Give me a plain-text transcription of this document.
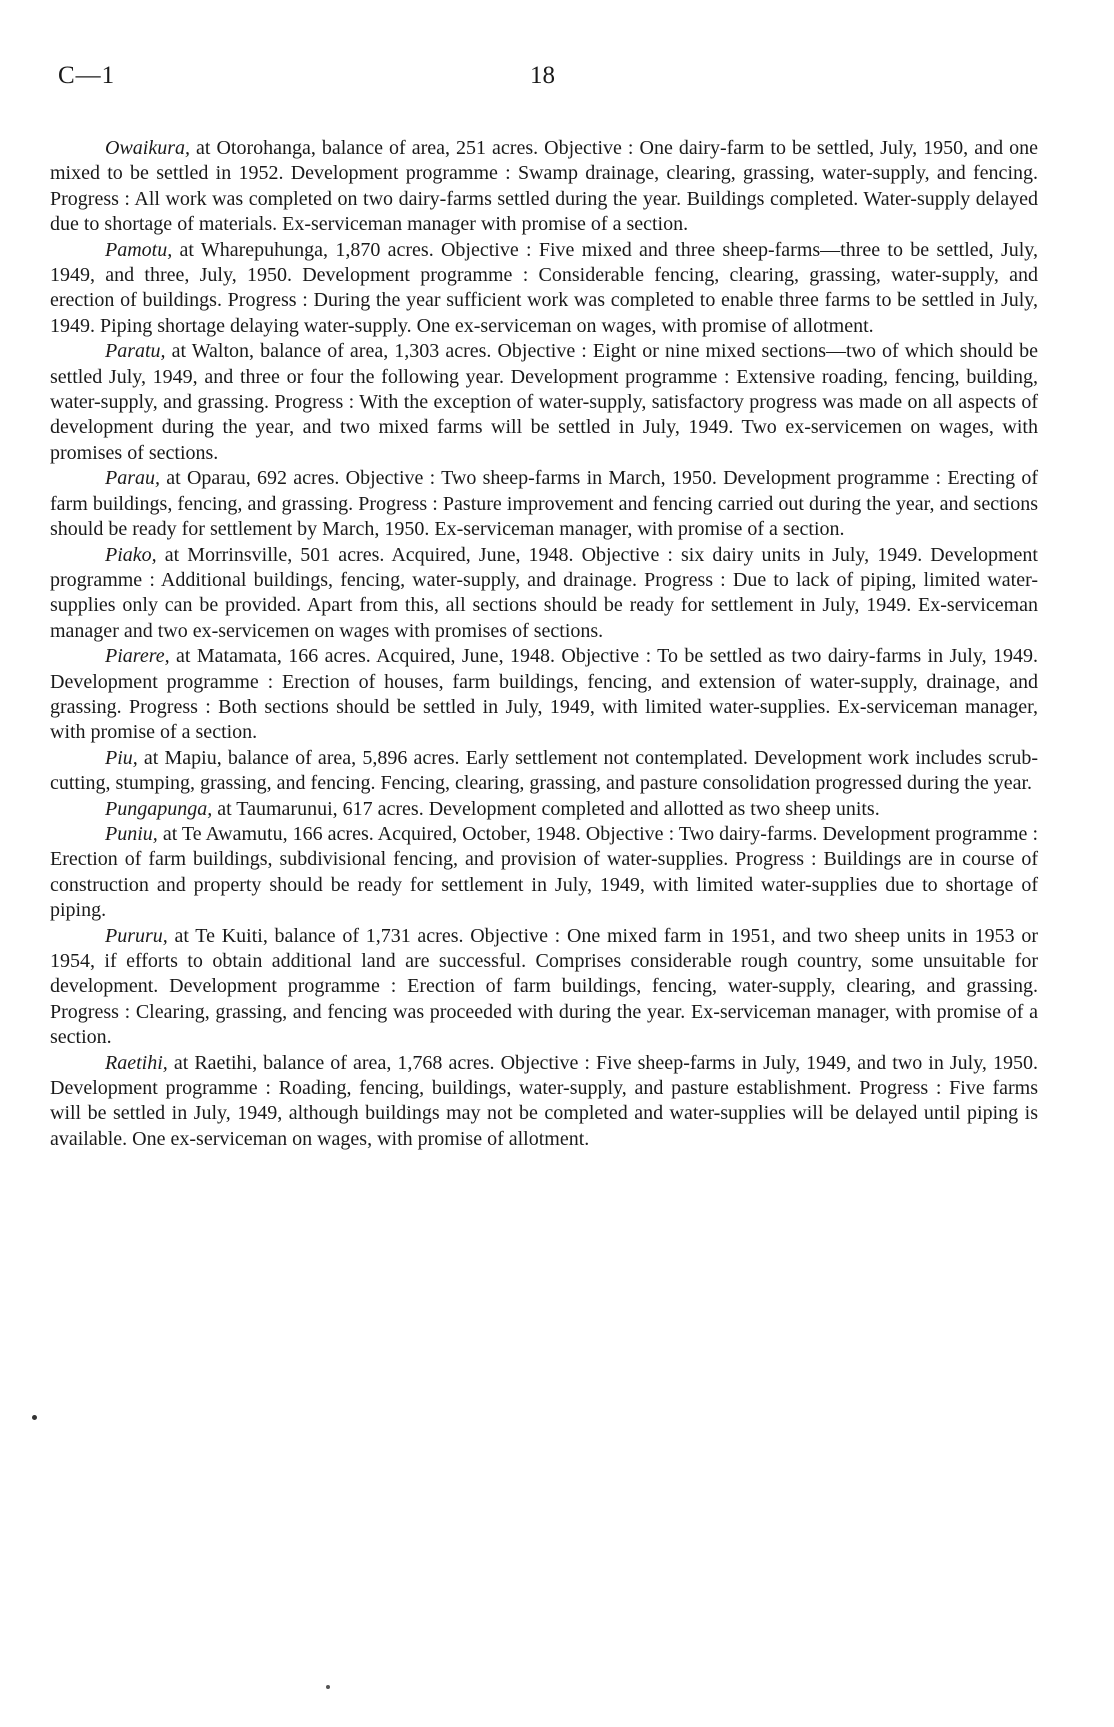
C—1	18

Owaikura, at Otorohanga, balance of area, 251 acres. Objective : One dairy-farm to be settled, July, 1950, and one mixed to be settled in 1952. Development programme : Swamp drainage, clearing, grassing, water-supply, and fencing. Progress : All work was completed on two dairy-farms settled during the year. Buildings completed. Water-supply delayed due to shortage of materials. Ex-serviceman manager with promise of a section.

Pamotu, at Wharepuhunga, 1,870 acres. Objective : Five mixed and three sheep-farms—three to be settled, July, 1949, and three, July, 1950. Development programme : Considerable fencing, clearing, grassing, water-supply, and erection of buildings. Progress : During the year sufficient work was completed to enable three farms to be settled in July, 1949. Piping shortage delaying water-supply. One ex-serviceman on wages, with promise of allotment.

Paratu, at Walton, balance of area, 1,303 acres. Objective : Eight or nine mixed sections—two of which should be settled July, 1949, and three or four the following year. Development programme : Extensive roading, fencing, building, water-supply, and grassing. Progress : With the exception of water-supply, satisfactory progress was made on all aspects of development during the year, and two mixed farms will be settled in July, 1949. Two ex-servicemen on wages, with promises of sections.

Parau, at Oparau, 692 acres. Objective : Two sheep-farms in March, 1950. Development programme : Erecting of farm buildings, fencing, and grassing. Progress : Pasture improvement and fencing carried out during the year, and sections should be ready for settlement by March, 1950. Ex-serviceman manager, with promise of a section.

Piako, at Morrinsville, 501 acres. Acquired, June, 1948. Objective : six dairy units in July, 1949. Development programme : Additional buildings, fencing, water-supply, and drainage. Progress : Due to lack of piping, limited water-supplies only can be provided. Apart from this, all sections should be ready for settlement in July, 1949. Ex-serviceman manager and two ex-servicemen on wages with promises of sections.

Piarere, at Matamata, 166 acres. Acquired, June, 1948. Objective : To be settled as two dairy-farms in July, 1949. Development programme : Erection of houses, farm buildings, fencing, and extension of water-supply, drainage, and grassing. Progress : Both sections should be settled in July, 1949, with limited water-supplies. Ex-serviceman manager, with promise of a section.

Piu, at Mapiu, balance of area, 5,896 acres. Early settlement not contemplated. Development work includes scrub-cutting, stumping, grassing, and fencing. Fencing, clearing, grassing, and pasture consolidation progressed during the year.

Pungapunga, at Taumarunui, 617 acres. Development completed and allotted as two sheep units.

Puniu, at Te Awamutu, 166 acres. Acquired, October, 1948. Objective : Two dairy-farms. Development programme : Erection of farm buildings, subdivisional fencing, and provision of water-supplies. Progress : Buildings are in course of construction and property should be ready for settlement in July, 1949, with limited water-supplies due to shortage of piping.

Pururu, at Te Kuiti, balance of 1,731 acres. Objective : One mixed farm in 1951, and two sheep units in 1953 or 1954, if efforts to obtain additional land are successful. Comprises considerable rough country, some unsuitable for development. Development programme : Erection of farm buildings, fencing, water-supply, clearing, and grassing. Progress : Clearing, grassing, and fencing was proceeded with during the year. Ex-serviceman manager, with promise of a section.

Raetihi, at Raetihi, balance of area, 1,768 acres. Objective : Five sheep-farms in July, 1949, and two in July, 1950. Development programme : Roading, fencing, buildings, water-supply, and pasture establishment. Progress : Five farms will be settled in July, 1949, although buildings may not be completed and water-supplies will be delayed until piping is available. One ex-serviceman on wages, with promise of allotment.
